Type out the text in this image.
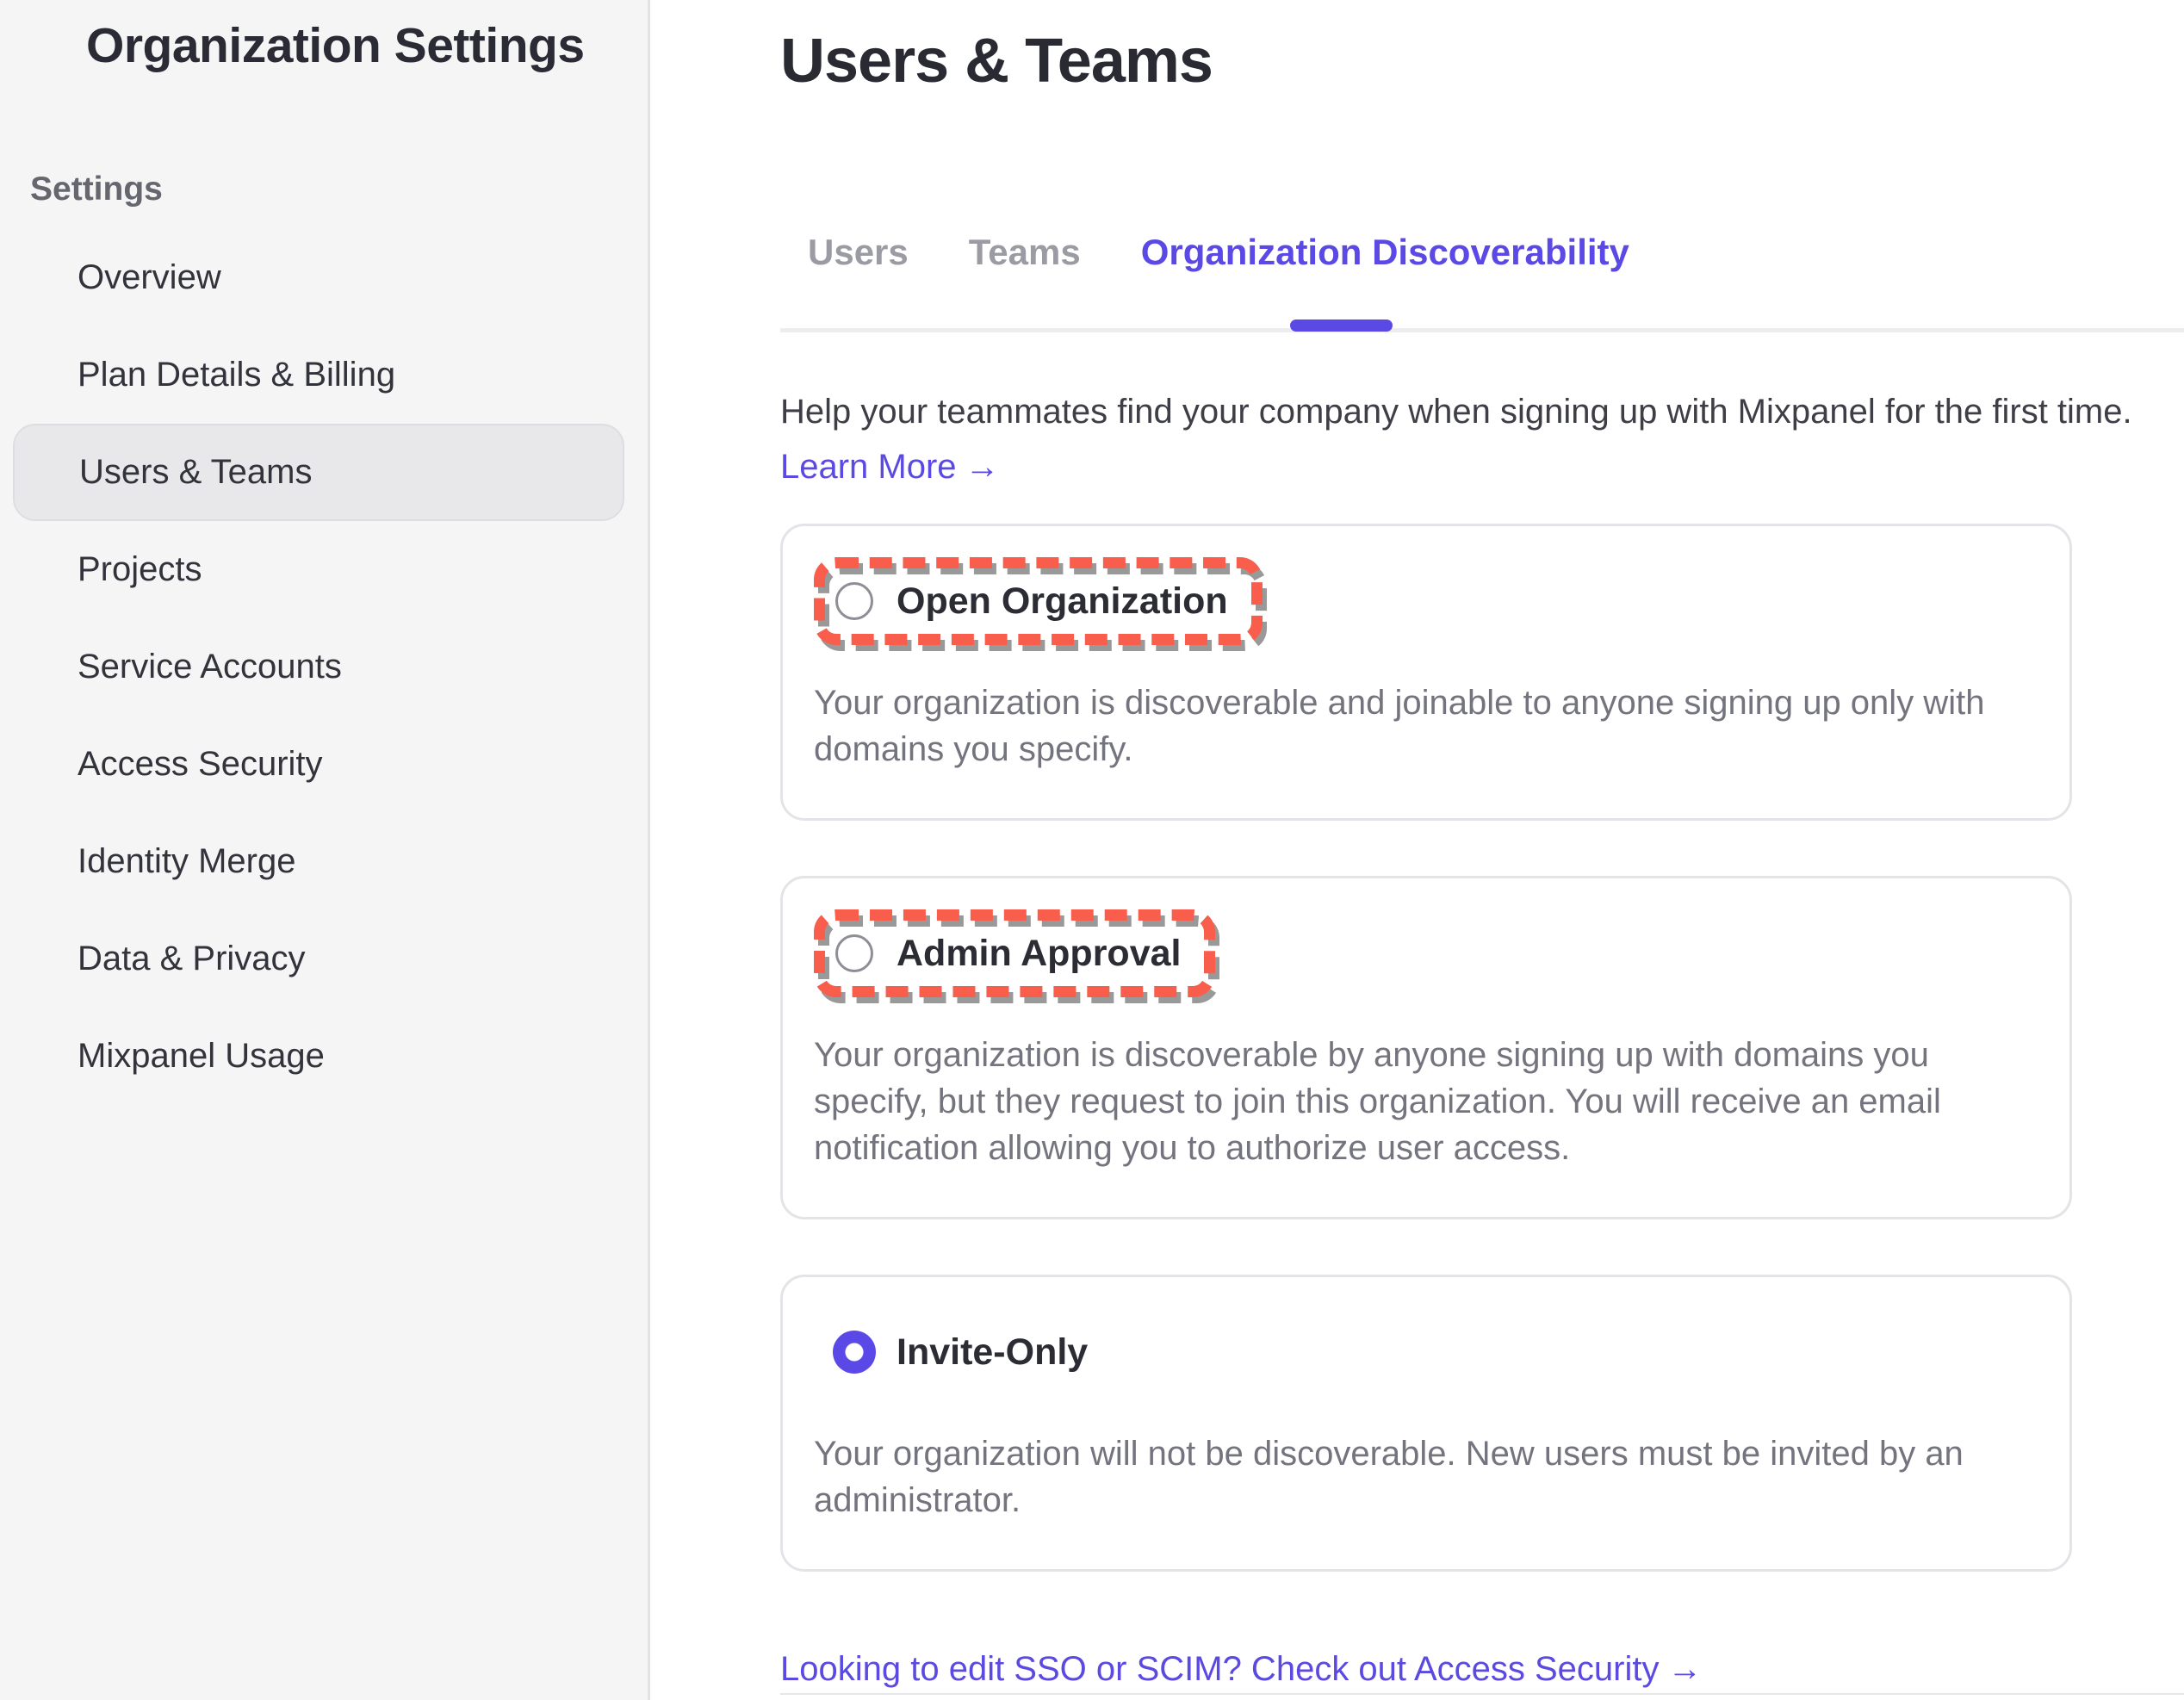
Organization Settings
Settings
Overview
Plan Details & Billing
Users & Teams
Projects
Service Accounts
Access Security
Identity Merge
Data & Privacy
Mixpanel Usage
Users & Teams
Users Teams Organization Discoverability
Help your teammates find your company when signing up with Mixpanel for the first time.
Learn More →
Open Organization
Your organization is discoverable and joinable to anyone signing up only with domains you specify.
Admin Approval
Your organization is discoverable by anyone signing up with domains you specify, but they request to join this organization. You will receive an email notification allowing you to authorize user access.
Invite-Only
Your organization will not be discoverable. New users must be invited by an administrator.
Looking to edit SSO or SCIM? Check out Access Security →
